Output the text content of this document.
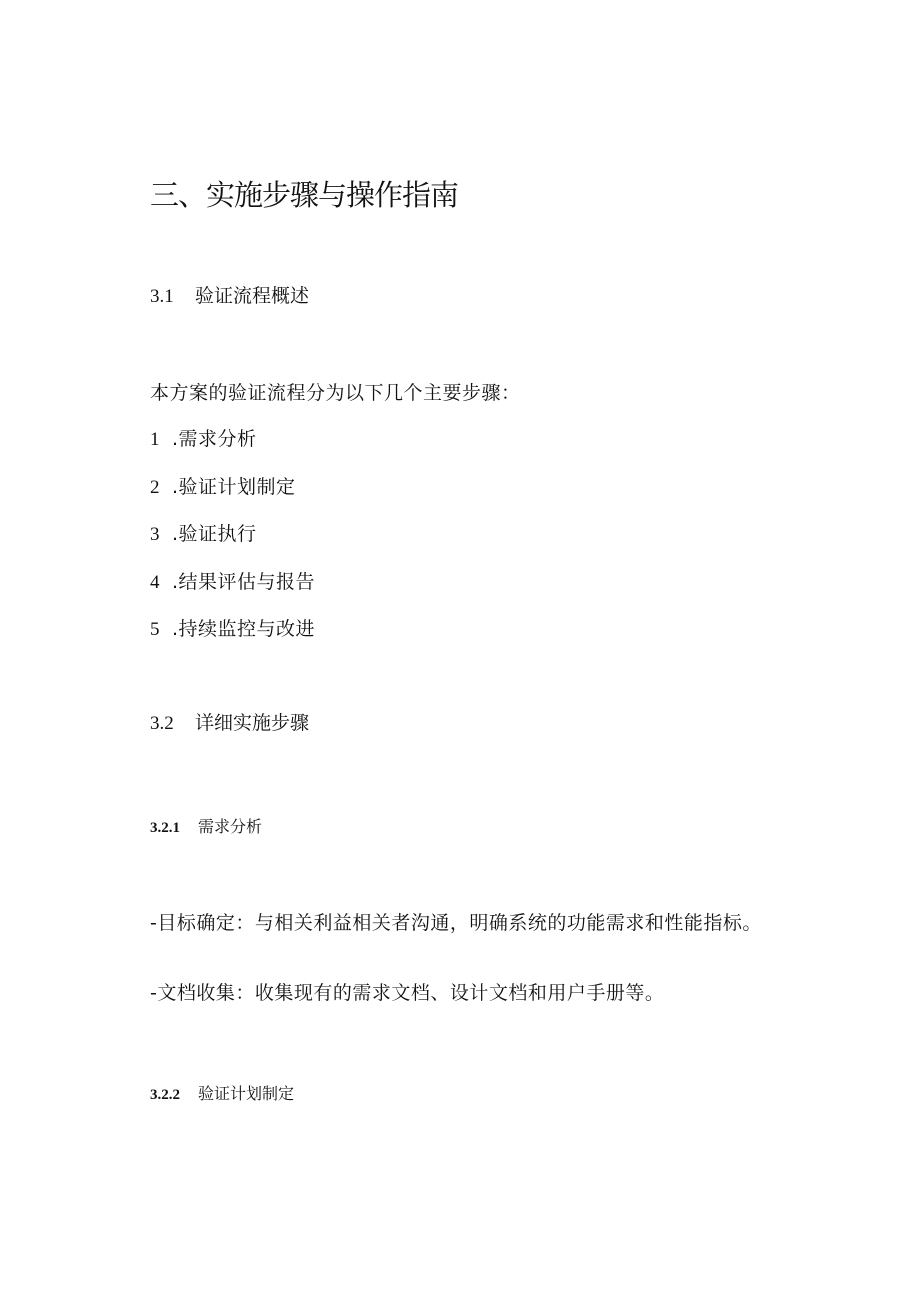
三、实施步骤与操作指南
3.1 验证流程概述
本方案的验证流程分为以下几个主要步骤：
1 .需求分析
2 .验证计划制定
3 .验证执行
4 .结果评估与报告
5 .持续监控与改进
3.2 详细实施步骤
3.2.1 需求分析
-目标确定：与相关利益相关者沟通，明确系统的功能需求和性能指标。
-文档收集：收集现有的需求文档、设计文档和用户手册等。
3.2.2 验证计划制定
